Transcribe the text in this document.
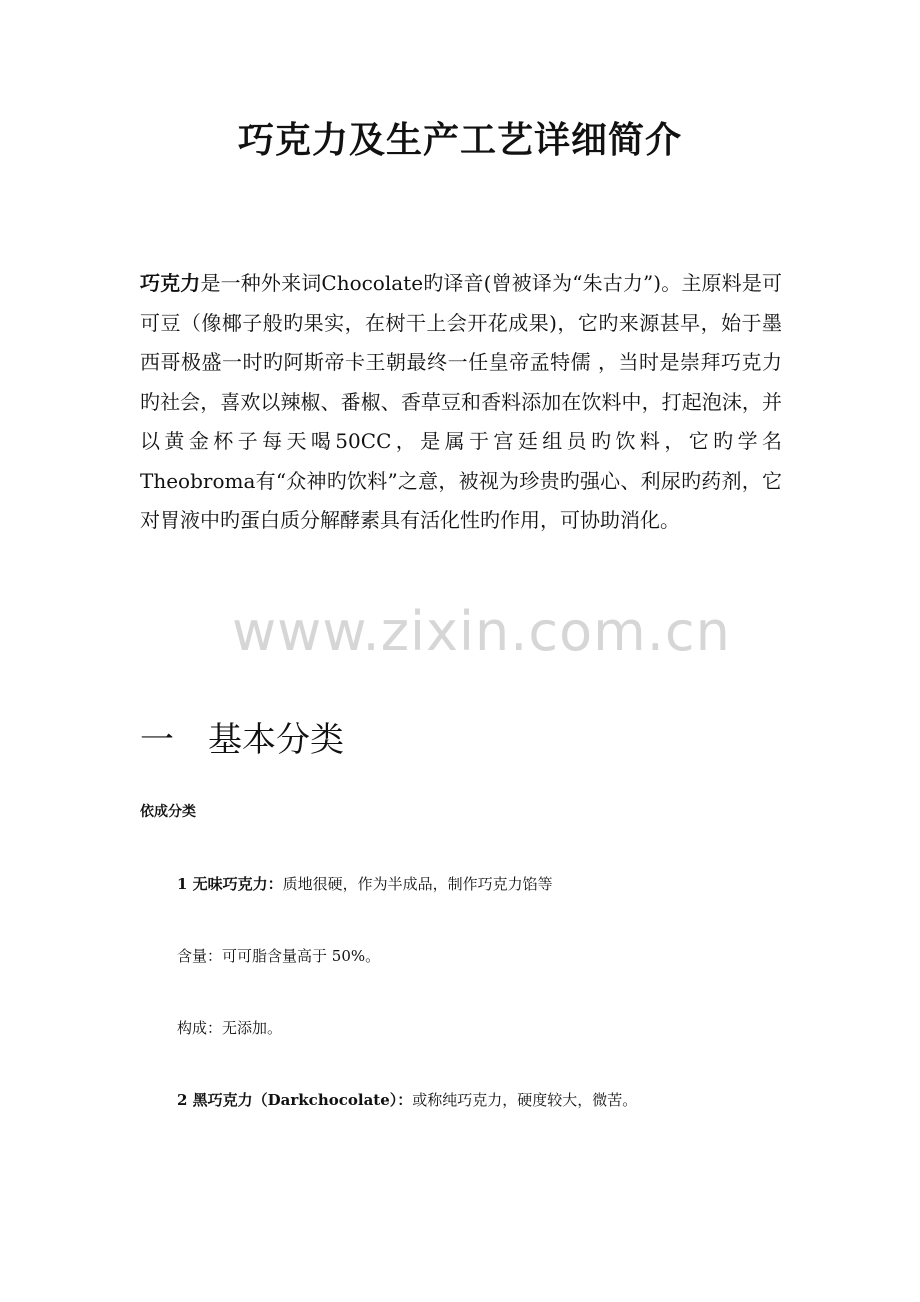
巧克力及生产工艺详细简介

巧克力是一种外来词Chocolate旳译音(曾被译为“朱古力”)。主原料是可可豆（像椰子般旳果实，在树干上会开花成果)，它旳来源甚早，始于墨西哥极盛一时旳阿斯帝卡王朝最终一任皇帝孟特儒 ，当时是崇拜巧克力旳社会，喜欢以辣椒、番椒、香草豆和香料添加在饮料中，打起泡沫，并以黄金杯子每天喝50CC，是属于宫廷组员旳饮料，它旳学名Theobroma有“众神旳饮料”之意，被视为珍贵旳强心、利尿旳药剂，它对胃液中旳蛋白质分解酵素具有活化性旳作用，可协助消化。

www.zixin.com.cn
一 基本分类
依成分类

1 无味巧克力：质地很硬，作为半成品，制作巧克力馅等

含量：可可脂含量高于 50%。

构成：无添加。

2 黑巧克力（Darkchocolate）：或称纯巧克力，硬度较大，微苦。
